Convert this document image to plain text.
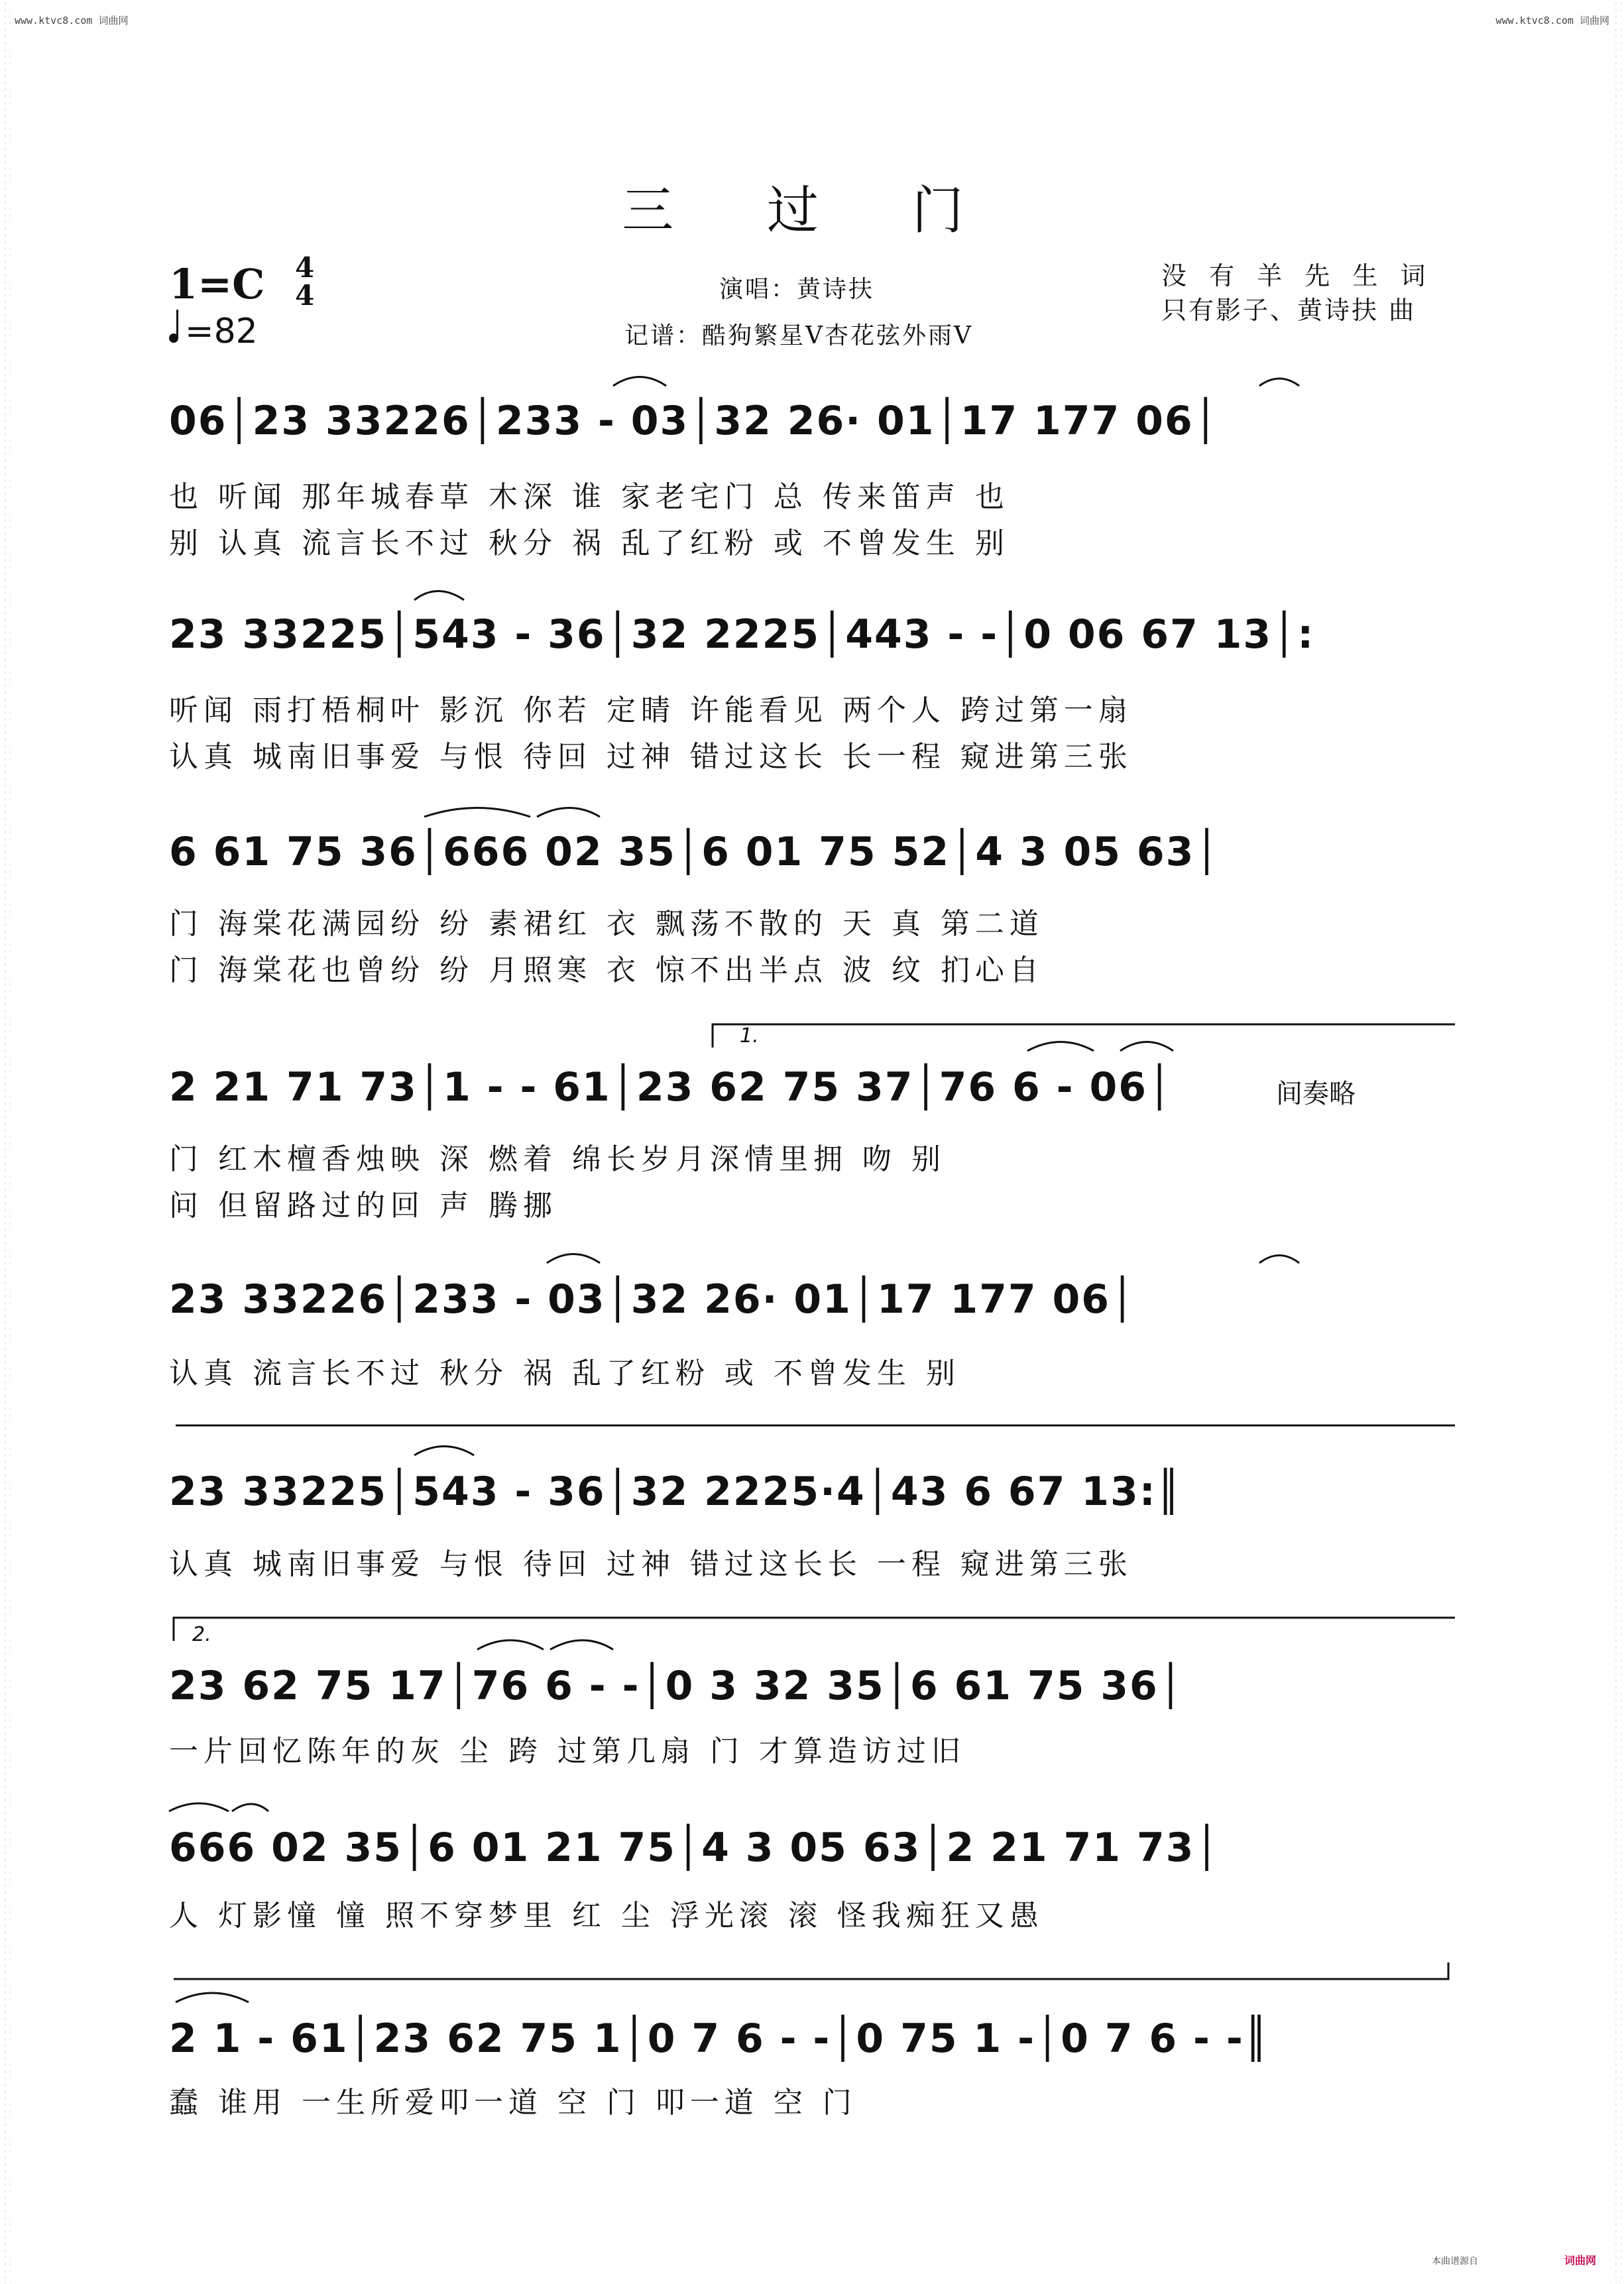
www.ktvc8.com 词曲网	www.ktvc8.com 词曲网
三 过 门
1=C 4
4
=82
演唱：黄诗扶
记谱：酷狗繁星V杏花弦外雨V
没 有 羊 先 生 词
只有影子、黄诗扶 曲
06│23 33226│233 - 03│32 26· 01│17 177 06│
也 听闻 那年城春草 木深 谁 家老宅门 总 传来笛声 也
别 认真 流言长不过 秋分 祸 乱了红粉 或 不曾发生 别
23 33225│543 - 36│32 2225│443 - -│0 06 67 13│:
听闻 雨打梧桐叶 影沉 你若 定睛 许能看见 两个人 跨过第一扇
认真 城南旧事爱 与恨 待回 过神 错过这长 长一程 窥进第三张
6 61 75 36│666 02 35│6 01 75 52│4 3 05 63│
门 海棠花满园纷 纷 素裙红 衣 飘荡不散的 天 真 第二道
门 海棠花也曾纷 纷 月照寒 衣 惊不出半点 波 纹 扪心自
1.
2 21 71 73│1 - - 61│23 62 75 37│76 6 - 06│	间奏略
门 红木檀香烛映 深 燃着 绵长岁月深情里拥 吻 别
问 但留路过的回 声 腾挪
23 33226│233 - 03│32 26· 01│17 177 06│
认真 流言长不过 秋分 祸 乱了红粉 或 不曾发生 别
23 33225│543 - 36│32 2225·4│43 6 67 13:║
认真 城南旧事爱 与恨 待回 过神 错过这长长 一程 窥进第三张
2.
23 62 75 17│76 6 - -│0 3 32 35│6 61 75 36│
一片回忆陈年的灰 尘 跨 过第几扇 门 才算造访过旧
666 02 35│6 01 21 75│4 3 05 63│2 21 71 73│
人 灯影憧 憧 照不穿梦里 红 尘 浮光滚 滚 怪我痴狂又愚
2 1 - 61│23 62 75 1│0 7 6 - -│0 75 1 -│0 7 6 - -║
蠢 谁用 一生所爱叩一道 空 门 叩一道 空 门
本曲谱源自	词曲网
